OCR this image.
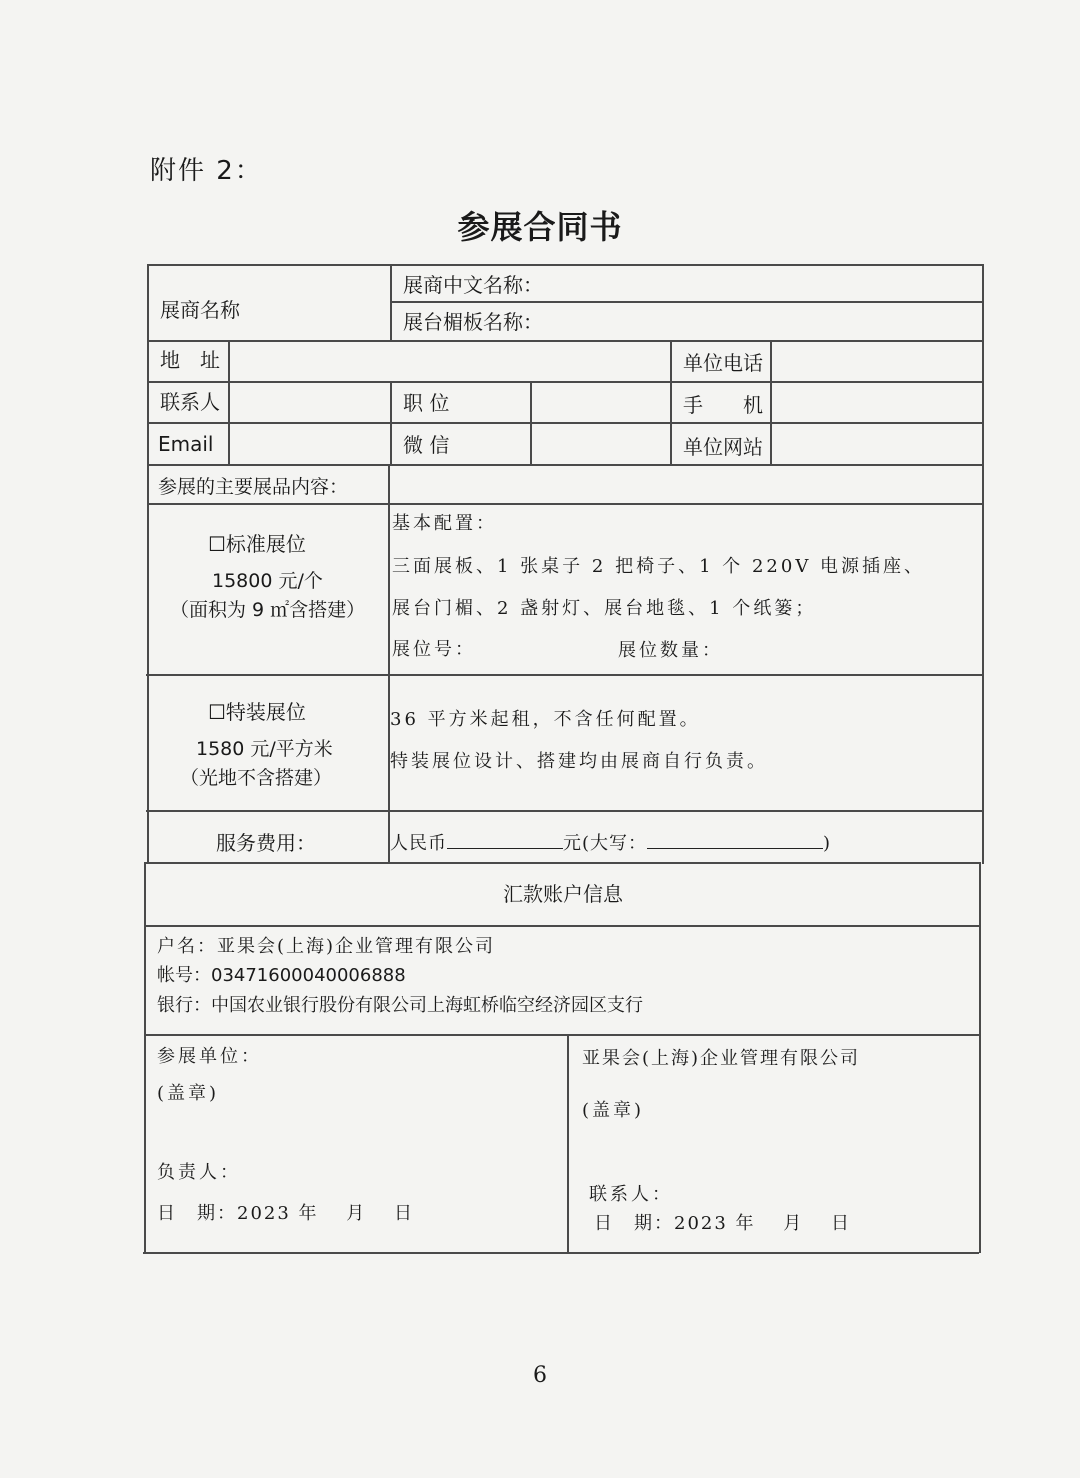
附件 2：
参展合同书
展商名称
展商中文名称：
展台楣板名称：
地　址	单位电话
联系人	职 位	手　　机
Email	微 信	单位网站
参展的主要展品内容：
☐标准展位
15800 元/个
（面积为 9 ㎡含搭建）
基本配置：
三面展板、1 张桌子 2 把椅子、1 个 220V 电源插座、
展台门楣、2 盏射灯、展台地毯、1 个纸篓；
展位号：	展位数量：
☐特装展位
1580 元/平方米
（光地不含搭建）
36 平方米起租，不含任何配置。
特装展位设计、搭建均由展商自行负责。
服务费用：	人民币	元(大写：	)
汇款账户信息
户名：亚果会(上海)企业管理有限公司
帐号：03471600040006888
银行：中国农业银行股份有限公司上海虹桥临空经济园区支行
参展单位：
(盖章)
负责人：
日　期：2023 年　 月　 日
亚果会(上海)企业管理有限公司
(盖章)
联系人：
日　期：2023 年　 月　 日
6
